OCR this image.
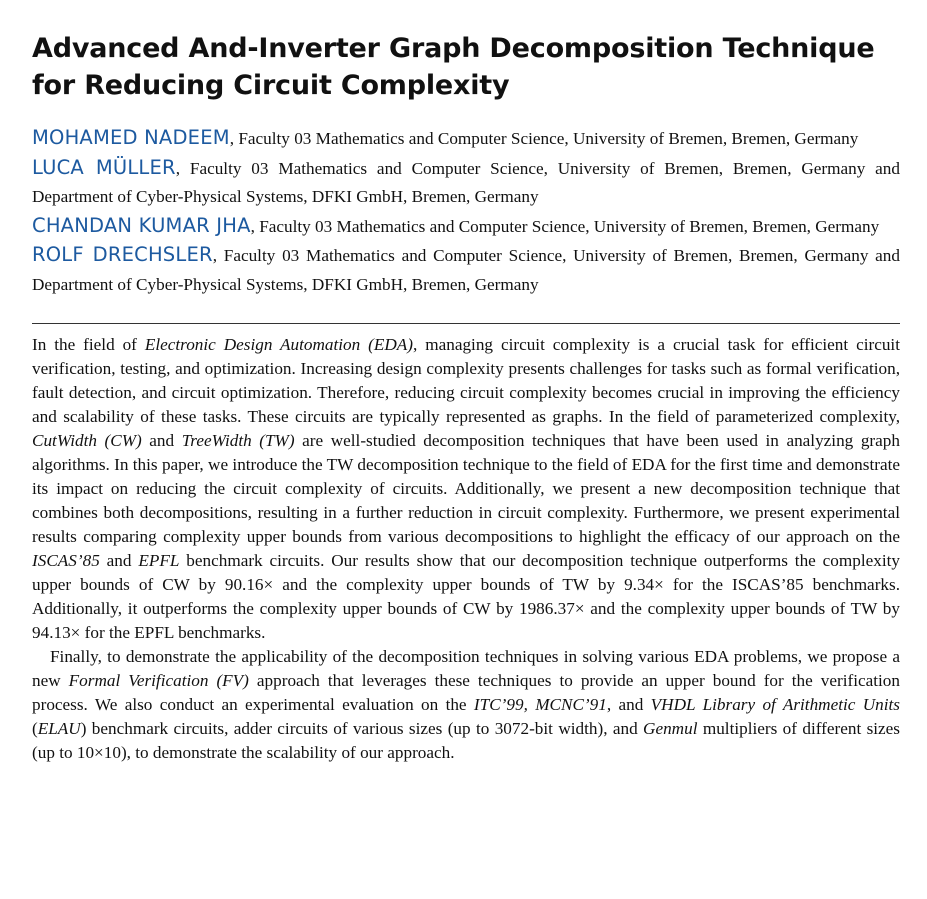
Advanced And-Inverter Graph Decomposition Technique for Reducing Circuit Complexity
MOHAMED NADEEM, Faculty 03 Mathematics and Computer Science, University of Bremen, Bremen, Germany
LUCA MÜLLER, Faculty 03 Mathematics and Computer Science, University of Bremen, Bremen, Germany and Department of Cyber-Physical Systems, DFKI GmbH, Bremen, Germany
CHANDAN KUMAR JHA, Faculty 03 Mathematics and Computer Science, University of Bremen, Bremen, Germany
ROLF DRECHSLER, Faculty 03 Mathematics and Computer Science, University of Bremen, Bremen, Germany and Department of Cyber-Physical Systems, DFKI GmbH, Bremen, Germany

In the field of Electronic Design Automation (EDA), managing circuit complexity is a crucial task for efficient circuit verification, testing, and optimization. Increasing design complexity presents challenges for tasks such as formal verification, fault detection, and circuit optimization. Therefore, reducing circuit complexity becomes crucial in improving the efficiency and scalability of these tasks. These circuits are typically represented as graphs. In the field of parameterized complexity, CutWidth (CW) and TreeWidth (TW) are well-studied decomposition techniques that have been used in analyzing graph algorithms. In this paper, we introduce the TW decomposition technique to the field of EDA for the first time and demonstrate its impact on reducing the circuit complexity of circuits. Additionally, we present a new decomposition technique that combines both decompositions, resulting in a further reduction in circuit complexity. Furthermore, we present experimental results comparing complexity upper bounds from various decompositions to highlight the efficacy of our approach on the ISCAS’85 and EPFL benchmark circuits. Our results show that our decomposition technique outperforms the complexity upper bounds of CW by 90.16× and the complexity upper bounds of TW by 9.34× for the ISCAS’85 benchmarks. Additionally, it outperforms the complexity upper bounds of CW by 1986.37× and the complexity upper bounds of TW by 94.13× for the EPFL benchmarks.

Finally, to demonstrate the applicability of the decomposition techniques in solving various EDA problems, we propose a new Formal Verification (FV) approach that leverages these techniques to provide an upper bound for the verification process. We also conduct an experimental evaluation on the ITC’99, MCNC’91, and VHDL Library of Arithmetic Units (ELAU) benchmark circuits, adder circuits of various sizes (up to 3072-bit width), and Genmul multipliers of different sizes (up to 10×10), to demonstrate the scalability of our approach.
